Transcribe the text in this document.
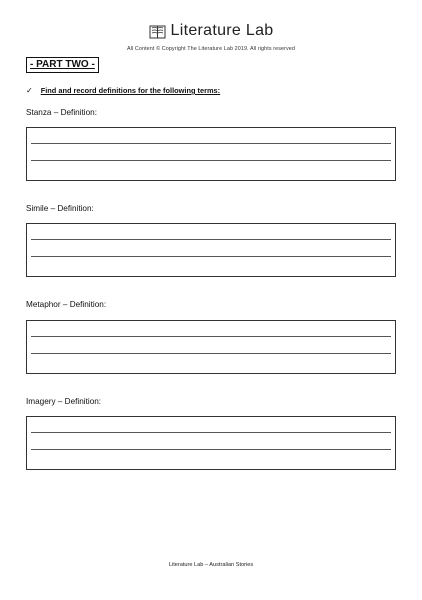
Literature Lab
All Content © Copyright The Literature Lab 2019. All rights reserved
- PART TWO -
✓ Find and record definitions for the following terms:
Stanza – Definition:
Simile – Definition:
Metaphor – Definition:
Imagery – Definition:
Literature Lab – Australian Stories
